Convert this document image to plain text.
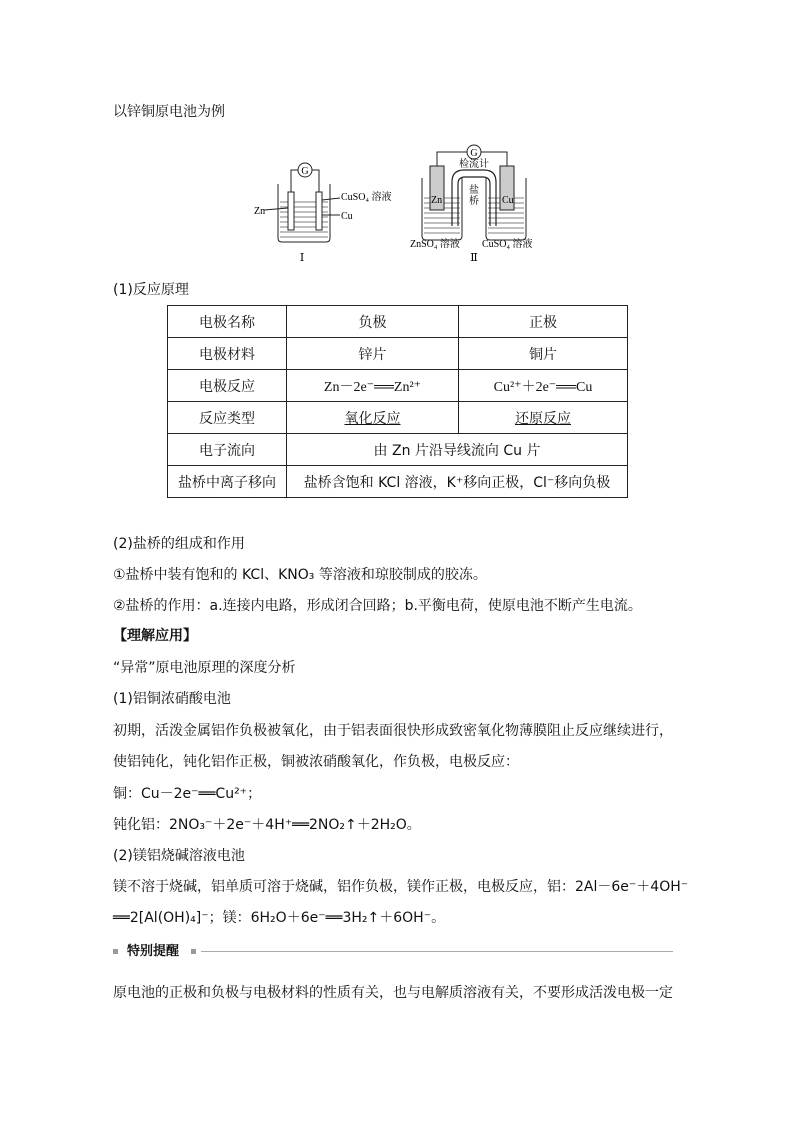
以锌铜原电池为例
G
Zn
CuSO₄ 溶液
Cu
Ⅰ
G
检流计
盐
桥
Zn	Cu
ZnSO₄ 溶液 CuSO₄ 溶液
Ⅱ
(1)反应原理
电极名称	负极	正极
电极材料	锌片	铜片
电极反应	Zn－2e⁻══Zn²⁺	Cu²⁺＋2e⁻══Cu
反应类型	氧化反应	还原反应
电子流向	由 Zn 片沿导线流向 Cu 片	
盐桥中离子移向	盐桥含饱和 KCl 溶液，K⁺移向正极，Cl⁻移向负极	
(2)盐桥的组成和作用
①盐桥中装有饱和的 KCl、KNO₃ 等溶液和琼胶制成的胶冻。
②盐桥的作用：a.连接内电路，形成闭合回路；b.平衡电荷，使原电池不断产生电流。
【理解应用】
“异常”原电池原理的深度分析
(1)铝铜浓硝酸电池
初期，活泼金属铝作负极被氧化，由于铝表面很快形成致密氧化物薄膜阻止反应继续进行，
使铝钝化，钝化铝作正极，铜被浓硝酸氧化，作负极，电极反应：
铜：Cu－2e⁻══Cu²⁺；
钝化铝：2NO₃⁻＋2e⁻＋4H⁺══2NO₂↑＋2H₂O。
(2)镁铝烧碱溶液电池
镁不溶于烧碱，铝单质可溶于烧碱，铝作负极，镁作正极，电极反应，铝：2Al－6e⁻＋4OH⁻
══2[Al(OH)₄]⁻；镁：6H₂O＋6e⁻══3H₂↑＋6OH⁻。
特别提醒
原电池的正极和负极与电极材料的性质有关，也与电解质溶液有关，不要形成活泼电极一定
